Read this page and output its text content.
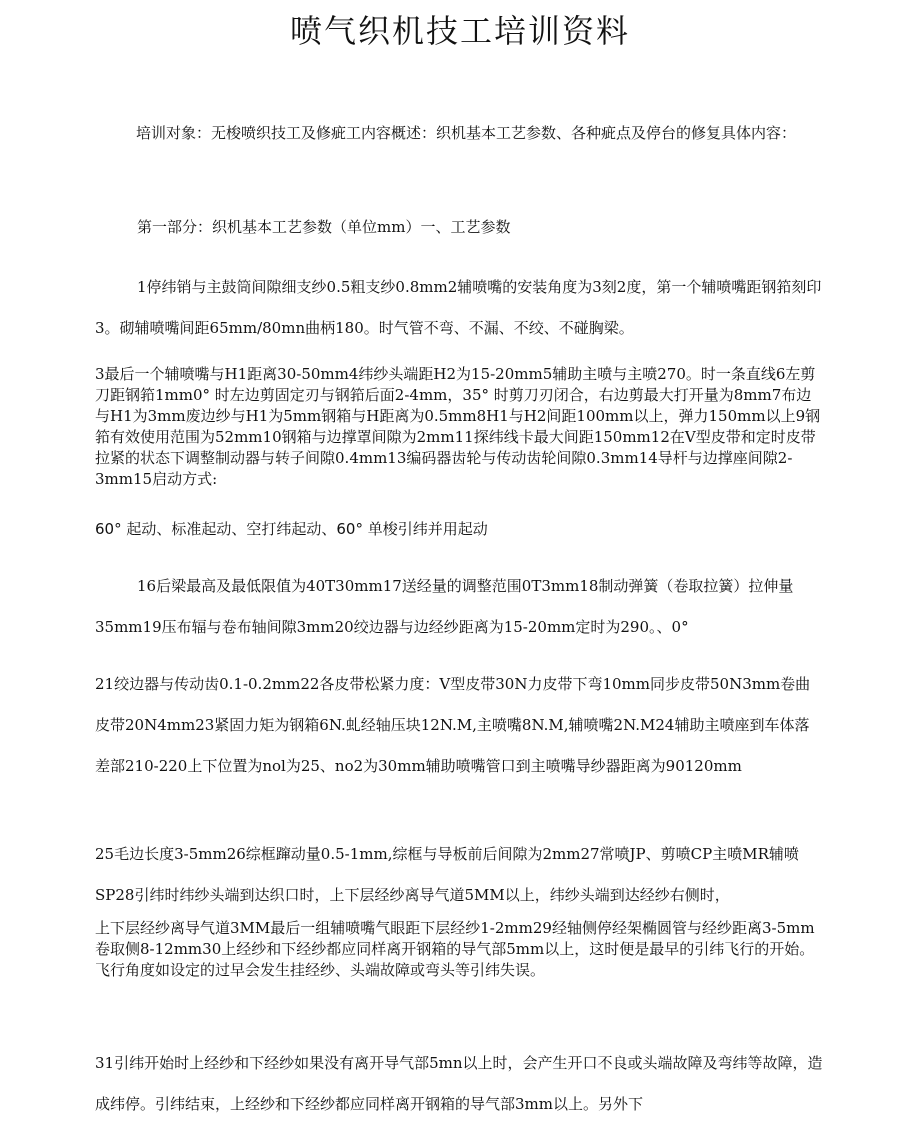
喷气织机技工培训资料

培训对象：无梭喷织技工及修疵工内容概述：织机基本工艺参数、各种疵点及停台的修复具体内容：

第一部分：织机基本工艺参数（单位mm）一、工艺参数

1停纬销与主鼓筒间隙细支纱0.5粗支纱0.8mm2辅喷嘴的安装角度为3刻2度，第一个辅喷嘴距钢筘刻印3。砌辅喷嘴间距65mm/80mn曲柄180。时气管不弯、不漏、不绞、不碰胸梁。

3最后一个辅喷嘴与H1距离30-50mm4纬纱头端距H2为15-20mm5辅助主喷与主喷270。时一条直线6左剪刀距钢筘1mm0° 时左边剪固定刃与钢筘后面2-4mm，35° 时剪刀刃闭合，右边剪最大打开量为8mm7布边与H1为3mm废边纱与H1为5mm钢箱与H距离为0.5mm8H1与H2间距100mm以上，弹力150mm以上9钢筘有效使用范围为52mm10钢箱与边撑罩间隙为2mm11探纬线卡最大间距150mm12在V型皮带和定时皮带拉紧的状态下调整制动器与转子间隙0.4mm13编码器齿轮与传动齿轮间隙0.3mm14导杆与边撑座间隙2-3mm15启动方式:

60° 起动、标准起动、空打纬起动、60° 单梭引纬并用起动

16后梁最高及最低限值为40T30mm17送经量的调整范围0T3mm18制动弹簧（卷取拉簧）拉伸量35mm19压布辐与卷布轴间隙3mm20绞边器与边经纱距离为15-20mm定时为290。、0°

21绞边器与传动齿0.1-0.2mm22各皮带松紧力度：V型皮带30N力皮带下弯10mm同步皮带50N3mm卷曲皮带20N4mm23紧固力矩为钢箱6N.虬经轴压块12N.M,主喷嘴8N.M,辅喷嘴2N.M24辅助主喷座到车体落差部210-220上下位置为nol为25、no2为30mm辅助喷嘴管口到主喷嘴导纱器距离为90120mm

25毛边长度3-5mm26综框蹿动量0.5-1mm,综框与导板前后间隙为2mm27常喷JP、剪喷CP主喷MR辅喷SP28引纬时纬纱头端到达织口时，上下层经纱离导气道5MM以上，纬纱头端到达经纱右侧时，

上下层经纱离导气道3MM最后一组辅喷嘴气眼距下层经纱1-2mm29经轴侧停经架椭圆管与经纱距离3-5mm卷取侧8-12mm30上经纱和下经纱都应同样离开钢箱的导气部5mm以上，这时便是最早的引纬飞行的开始。飞行角度如设定的过早会发生挂经纱、头端故障或弯头等引纬失误。

31引纬开始时上经纱和下经纱如果没有离开导气部5mn以上时，会产生开口不良或头端故障及弯纬等故障，造成纬停。引纬结束，上经纱和下经纱都应同样离开钢箱的导气部3mm以上。另外下
